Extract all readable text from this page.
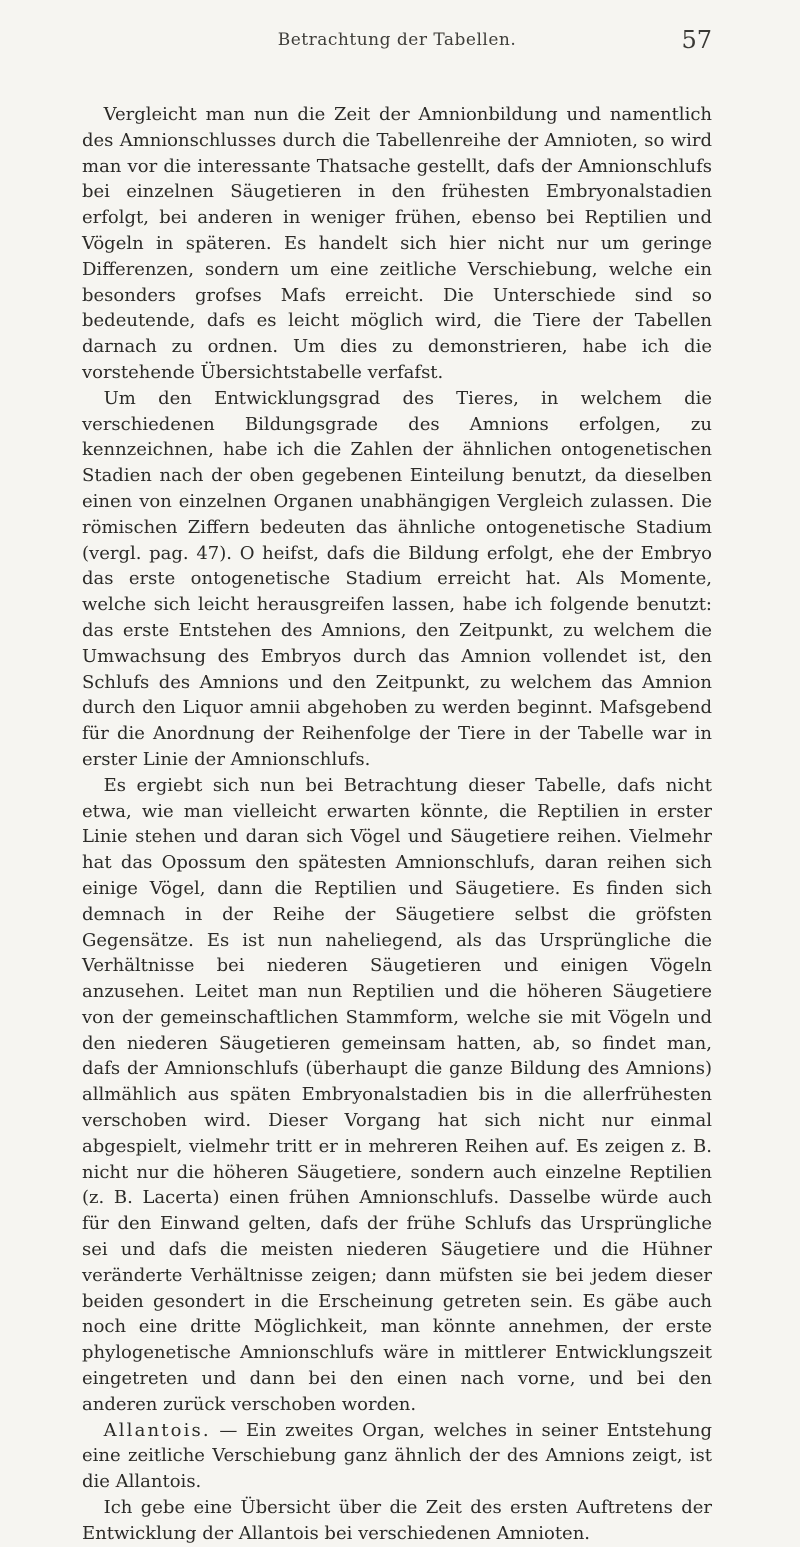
Betrachtung der Tabellen.	57

Vergleicht man nun die Zeit der Amnionbildung und namentlich des Amnionschlusses durch die Tabellenreihe der Amnioten, so wird man vor die interessante Thatsache gestellt, dafs der Amnionschlufs bei einzelnen Säugetieren in den frühesten Embryonalstadien erfolgt, bei anderen in weniger frühen, ebenso bei Reptilien und Vögeln in späteren. Es handelt sich hier nicht nur um geringe Differenzen, sondern um eine zeitliche Verschiebung, welche ein besonders grofses Mafs erreicht. Die Unterschiede sind so bedeutende, dafs es leicht möglich wird, die Tiere der Tabellen darnach zu ordnen. Um dies zu demonstrieren, habe ich die vorstehende Übersichtstabelle verfafst.

Um den Entwicklungsgrad des Tieres, in welchem die verschiedenen Bildungsgrade des Amnions erfolgen, zu kennzeichnen, habe ich die Zahlen der ähnlichen ontogenetischen Stadien nach der oben gegebenen Einteilung benutzt, da dieselben einen von einzelnen Organen unabhängigen Vergleich zulassen. Die römischen Ziffern bedeuten das ähnliche ontogenetische Stadium (vergl. pag. 47). O heifst, dafs die Bildung erfolgt, ehe der Embryo das erste ontogenetische Stadium erreicht hat. Als Momente, welche sich leicht herausgreifen lassen, habe ich folgende benutzt: das erste Entstehen des Amnions, den Zeitpunkt, zu welchem die Umwachsung des Embryos durch das Amnion vollendet ist, den Schlufs des Amnions und den Zeitpunkt, zu welchem das Amnion durch den Liquor amnii abgehoben zu werden beginnt. Mafsgebend für die Anordnung der Reihenfolge der Tiere in der Tabelle war in erster Linie der Amnionschlufs.

Es ergiebt sich nun bei Betrachtung dieser Tabelle, dafs nicht etwa, wie man vielleicht erwarten könnte, die Reptilien in erster Linie stehen und daran sich Vögel und Säugetiere reihen. Vielmehr hat das Opossum den spätesten Amnionschlufs, daran reihen sich einige Vögel, dann die Reptilien und Säugetiere. Es finden sich demnach in der Reihe der Säugetiere selbst die gröfsten Gegensätze. Es ist nun naheliegend, als das Ursprüngliche die Verhältnisse bei niederen Säugetieren und einigen Vögeln anzusehen. Leitet man nun Reptilien und die höheren Säugetiere von der gemeinschaftlichen Stammform, welche sie mit Vögeln und den niederen Säugetieren gemeinsam hatten, ab, so findet man, dafs der Amnionschlufs (überhaupt die ganze Bildung des Amnions) allmählich aus späten Embryonalstadien bis in die allerfrühesten verschoben wird. Dieser Vorgang hat sich nicht nur einmal abgespielt, vielmehr tritt er in mehreren Reihen auf. Es zeigen z. B. nicht nur die höheren Säugetiere, sondern auch einzelne Reptilien (z. B. Lacerta) einen frühen Amnionschlufs. Dasselbe würde auch für den Einwand gelten, dafs der frühe Schlufs das Ursprüngliche sei und dafs die meisten niederen Säugetiere und die Hühner veränderte Verhältnisse zeigen; dann müfsten sie bei jedem dieser beiden gesondert in die Erscheinung getreten sein. Es gäbe auch noch eine dritte Möglichkeit, man könnte annehmen, der erste phylogenetische Amnionschlufs wäre in mittlerer Entwicklungszeit eingetreten und dann bei den einen nach vorne, und bei den anderen zurück verschoben worden.

Allantois. — Ein zweites Organ, welches in seiner Entstehung eine zeitliche Verschiebung ganz ähnlich der des Amnions zeigt, ist die Allantois.

Ich gebe eine Übersicht über die Zeit des ersten Auftretens der Entwicklung der Allantois bei verschiedenen Amnioten.
